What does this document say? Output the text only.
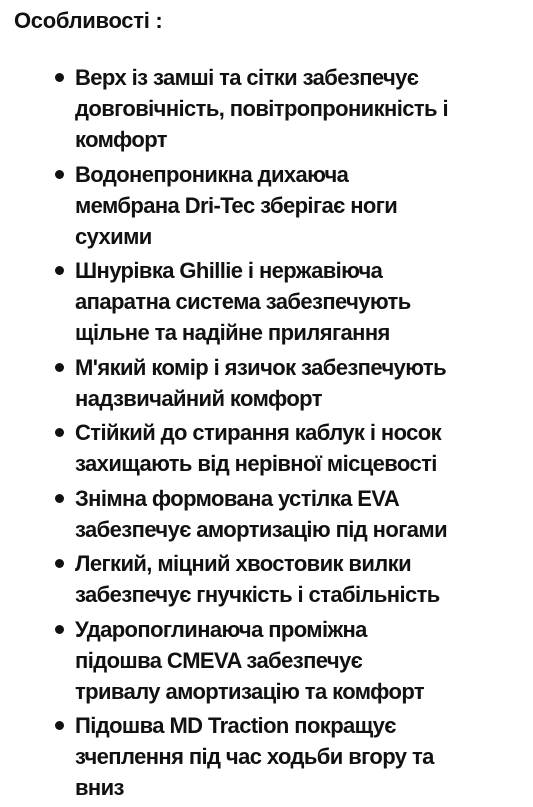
Особливості :
Верх із замші та сітки забезпечує
довговічність, повітропроникність і
комфорт
Водонепроникна дихаюча
мембрана Dri-Tec зберігає ноги
сухими
Шнурівка Ghillie і нержавіюча
апаратна система забезпечують
щільне та надійне прилягання
М'який комір і язичок забезпечують
надзвичайний комфорт
Стійкий до стирання каблук і носок
захищають від нерівної місцевості
Знімна формована устілка EVA
забезпечує амортизацію під ногами
Легкий, міцний хвостовик вилки
забезпечує гнучкість і стабільність
Ударопоглинаюча проміжна
підошва CMEVA забезпечує
тривалу амортизацію та комфорт
Підошва MD Traction покращує
зчеплення під час ходьби вгору та
вниз
